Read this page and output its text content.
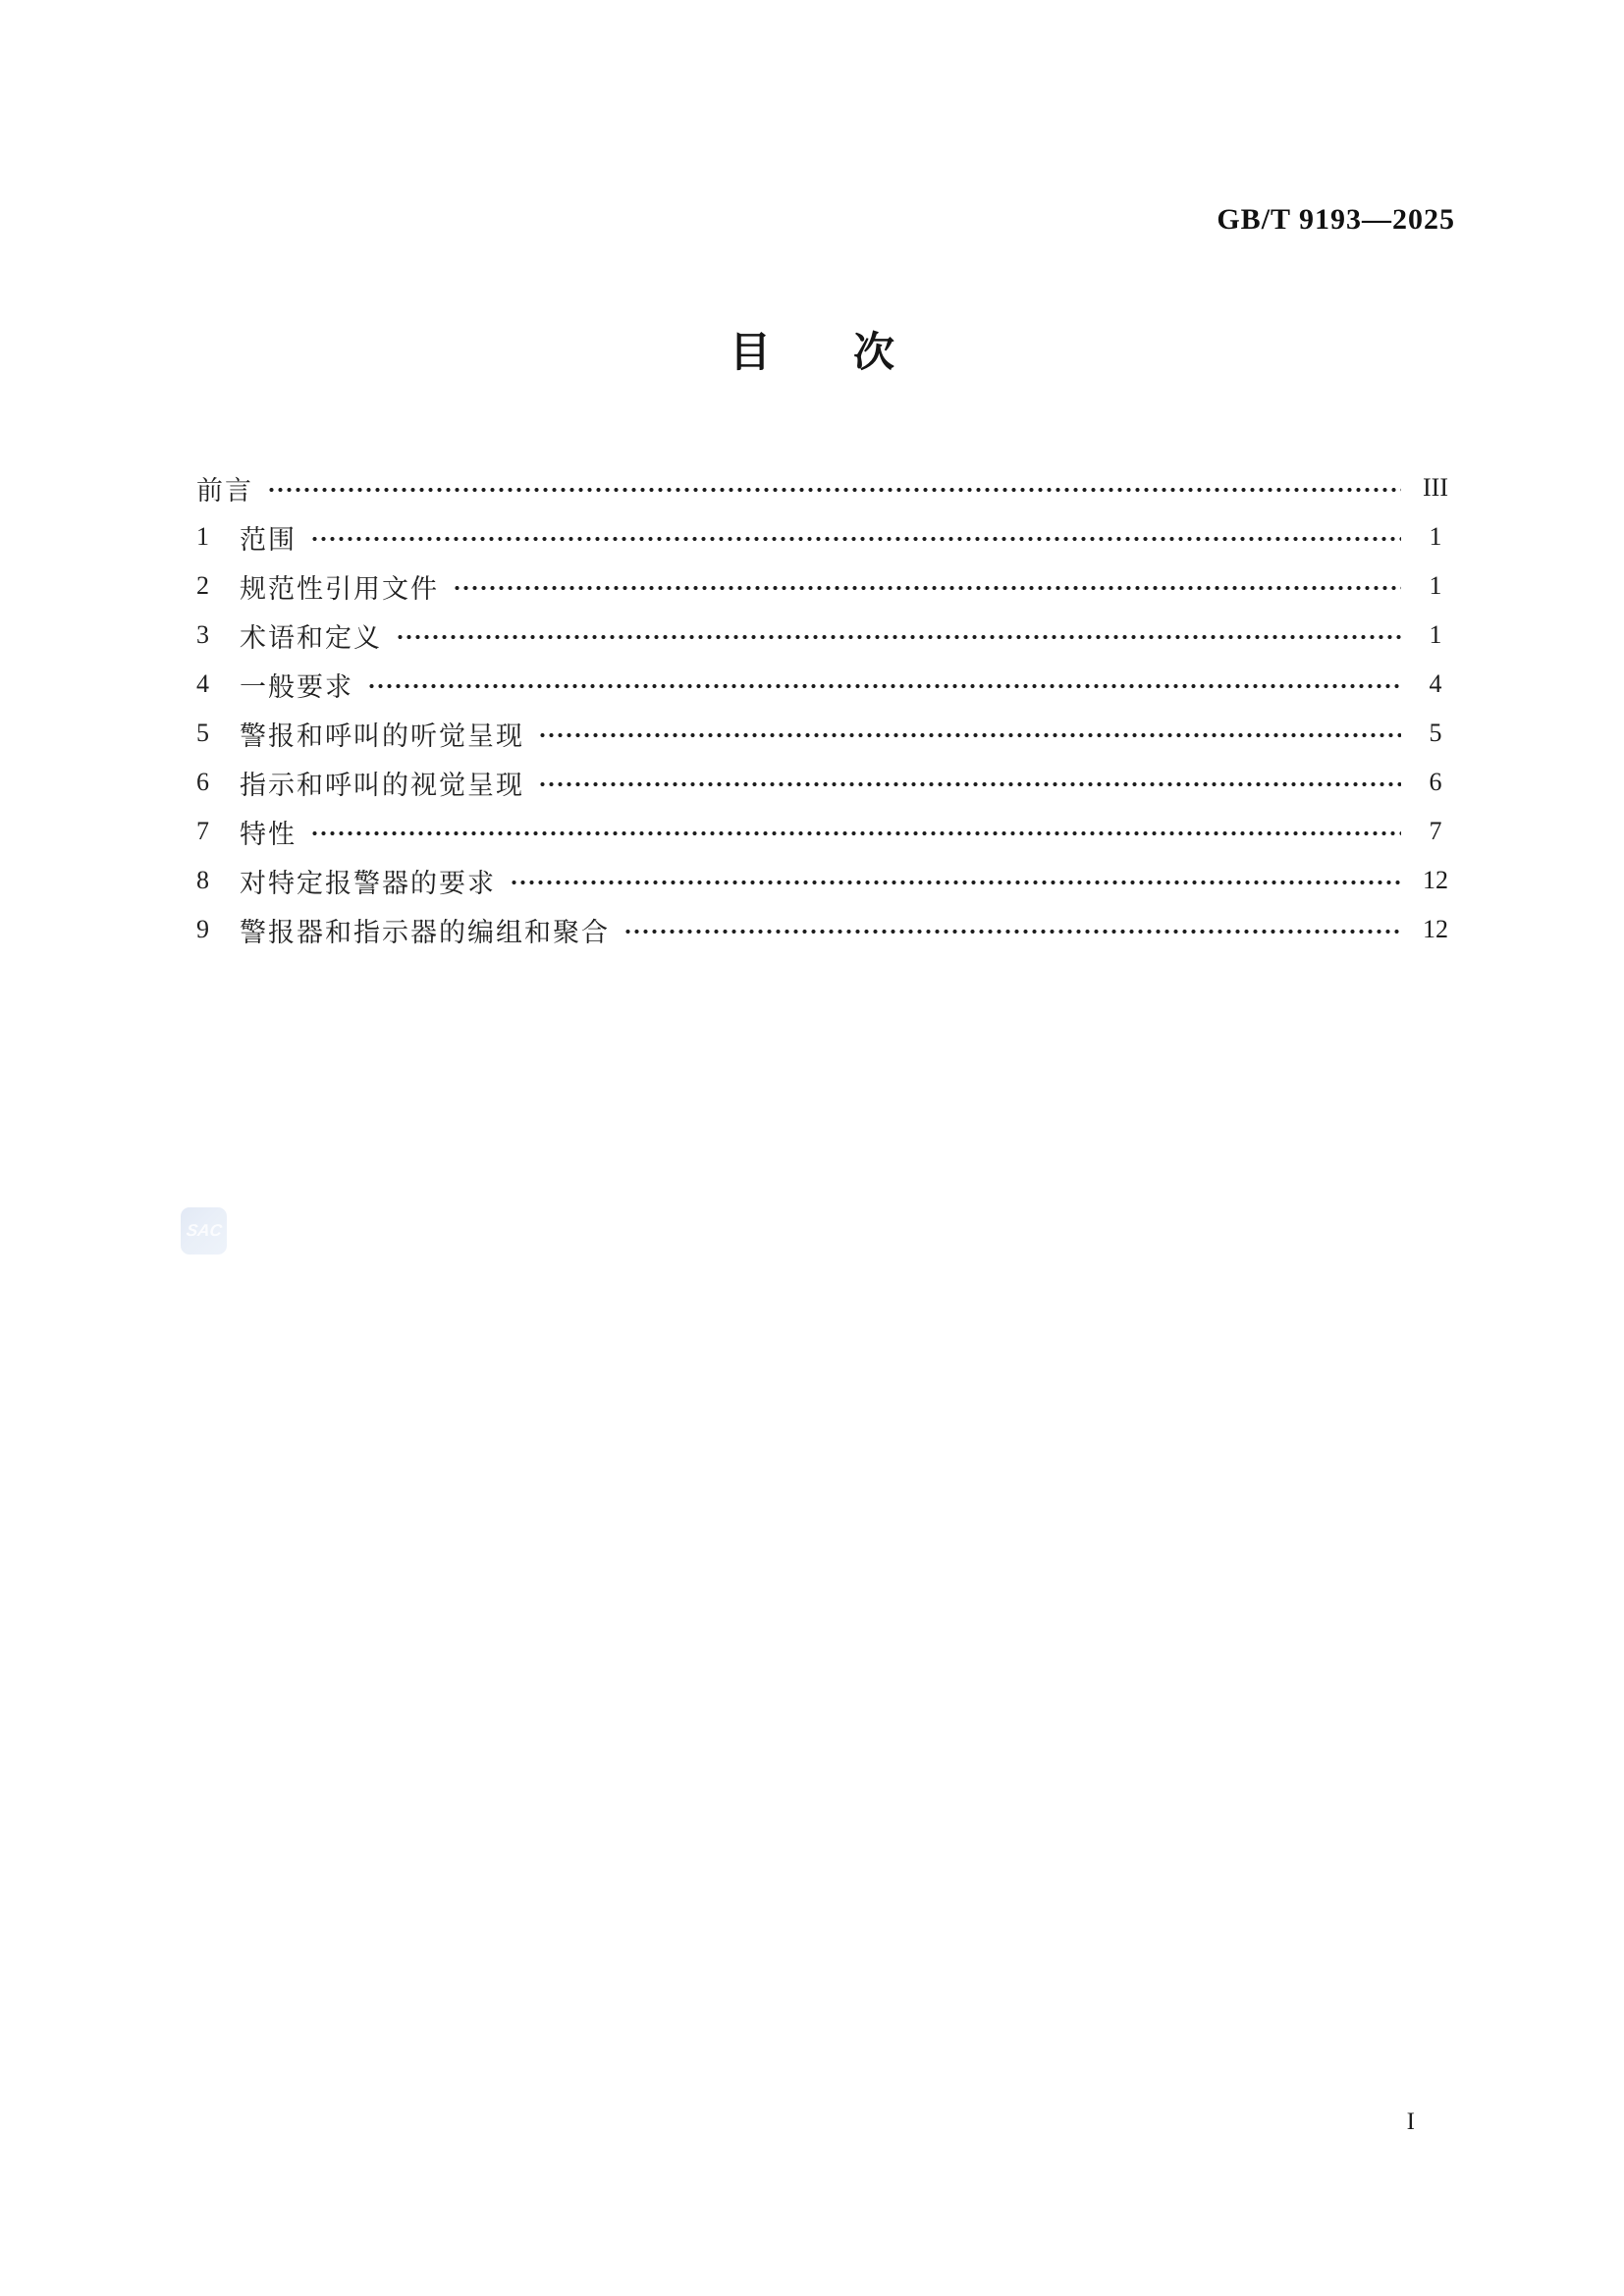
GB/T 9193—2025
目　　次
前言	III
1	范围	1
2	规范性引用文件	1
3	术语和定义	1
4	一般要求	4
5	警报和呼叫的听觉呈现	5
6	指示和呼叫的视觉呈现	6
7	特性	7
8	对特定报警器的要求	12
9	警报器和指示器的编组和聚合	12
SAC
I
